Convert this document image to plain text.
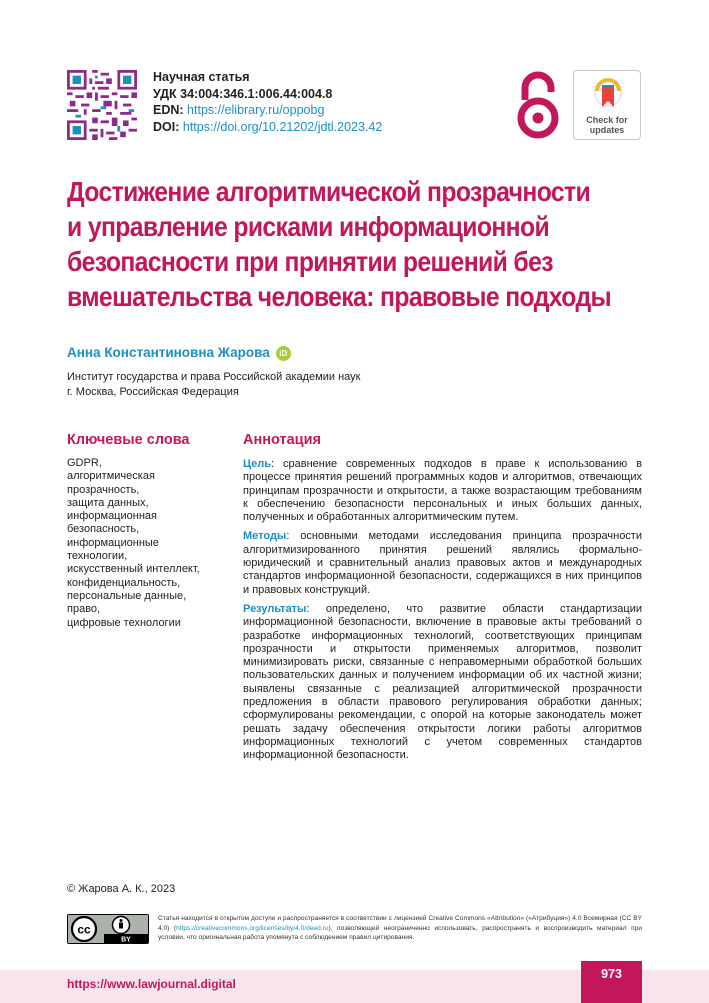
Научная статья
УДК 34:004:346.1:006.44:004.8
EDN: https://elibrary.ru/oppobg
DOI: https://doi.org/10.21202/jdtl.2023.42	Check for updates
Достижение алгоритмической прозрачности
и управление рисками информационной
безопасности при принятии решений без
вмешательства человека: правовые подходы
Анна Константиновна Жарова iD
Институт государства и права Российской академии наук
г. Москва, Российская Федерация
Ключевые слова
GDPR,
алгоритмическая
прозрачность,
защита данных,
информационная
безопасность,
информационные
технологии,
искусственный интеллект,
конфиденциальность,
персональные данные,
право,
цифровые технологии
Аннотация

Цель: сравнение современных подходов в праве к использованию в процессе принятия решений программных кодов и алгоритмов, отвечающих принципам прозрачности и открытости, а также возрастающим требованиям к обеспечению безопасности персональных и иных больших данных, полученных и обработанных алгоритмическим путем.

Методы: основными методами исследования принципа прозрачности алгоритмизированного принятия решений являлись формально-юридический и сравнительный анализ правовых актов и международных стандартов информационной безопасности, содержащихся в них принципов и правовых конструкций.

Результаты: определено, что развитие области стандартизации информационной безопасности, включение в правовые акты требований о разработке информационных технологий, соответствующих принципам прозрачности и открытости применяемых алгоритмов, позволит минимизировать риски, связанные с неправомерными обработкой больших пользовательских данных и получением информации об их частной жизни; выявлены связанные с реализацией алгоритмической прозрачности предложения в области правового регулирования обработки данных; сформулированы рекомендации, с опорой на которые законодатель может решать задачу обеспечения открытости логики работы алгоритмов информационных технологий с учетом современных стандартов информационной безопасности.

© Жарова А. К., 2023
cc
BY
Статья находится в открытом доступе и распространяется в соответствии с лицензией Creative Commons «Attribution» («Атрибуция») 4.0 Всемирная (CC BY 4.0) (https://creativecommons.org/licenses/by/4.0/deed.ru), позволяющей неограниченно использовать, распространять и воспроизводить материал при условии, что оригинальная работа упомянута с соблюдением правил цитирования.
https://www.lawjournal.digital
973
